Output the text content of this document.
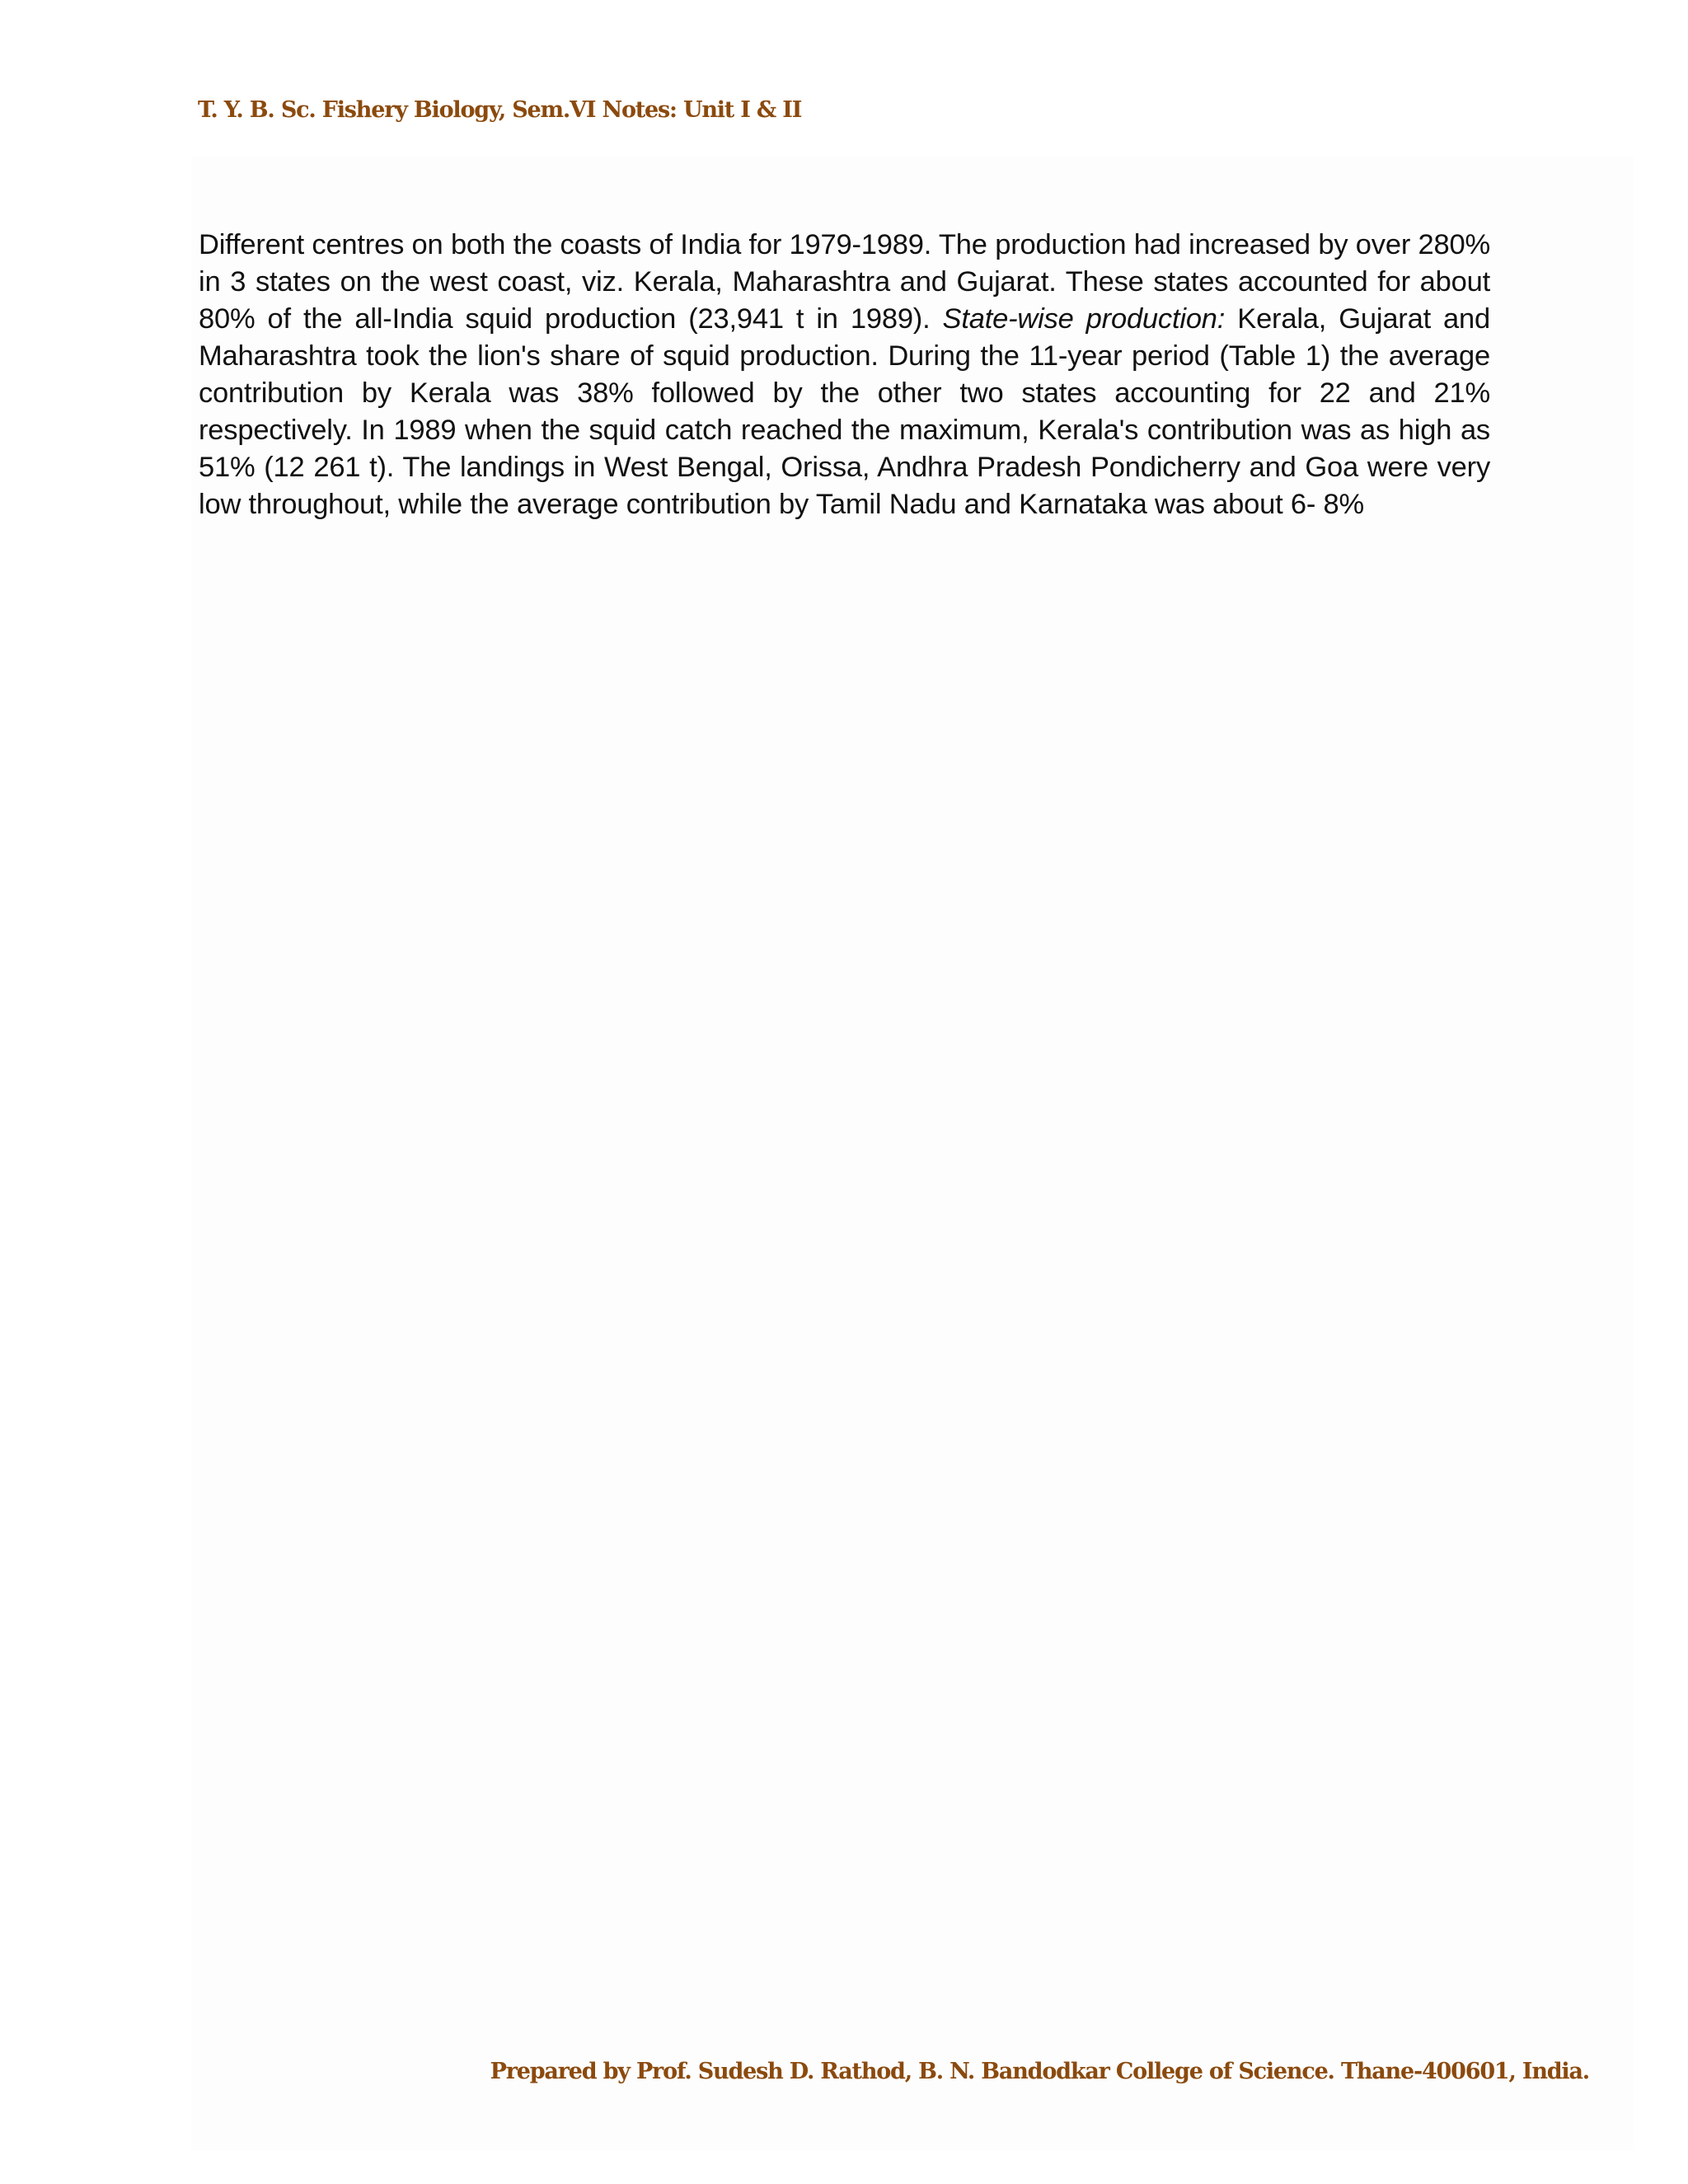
T. Y. B. Sc. Fishery Biology, Sem.VI Notes: Unit I & II

Different centres on both the coasts of India for 1979-1989. The production had increased by over 280% in 3 states on the west coast, viz. Kerala, Maharashtra and Gujarat. These states accounted for about 80% of the all-India squid production (23,941 t in 1989). State-wise production: Kerala, Gujarat and Maharashtra took the lion's share of squid production. During the 11-year period (Table 1) the average contribution by Kerala was 38% followed by the other two states accounting for 22 and 21% respectively. In 1989 when the squid catch reached the maximum, Kerala's contribution was as high as 51% (12 261 t). The landings in West Bengal, Orissa, Andhra Pradesh Pondicherry and Goa were very low throughout, while the average contribution by Tamil Nadu and Karnataka was about 6- 8%

Prepared by Prof. Sudesh D. Rathod, B. N. Bandodkar College of Science. Thane-400601, India.
